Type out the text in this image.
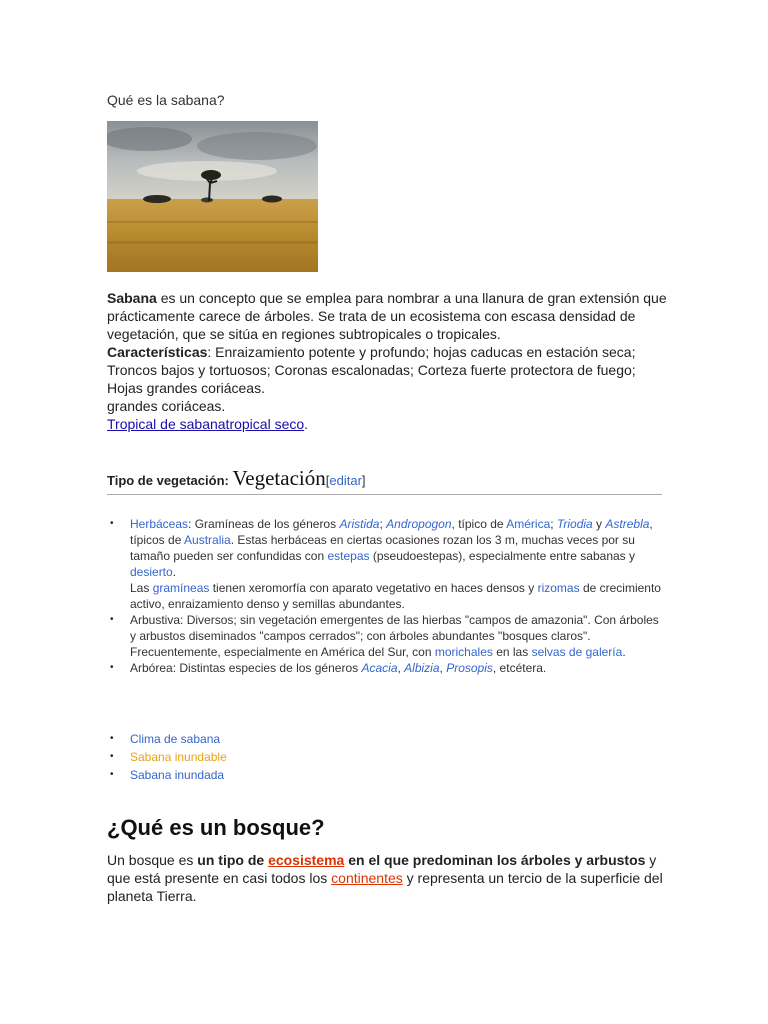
Qué es la sabana?

Sabana es un concepto que se emplea para nombrar a una llanura de gran extensión que prácticamente carece de árboles. Se trata de un ecosistema con escasa densidad de vegetación, que se sitúa en regiones subtropicales o tropicales.

Características: Enraizamiento potente y profundo; hojas caducas en estación seca; Troncos bajos y tortuosos; Coronas escalonadas; Corteza fuerte protectora de fuego; Hojas grandes coriáceas.

grandes coriáceas.

Tropical de sabanatropical seco.

Tipo de vegetación: Vegetación[editar]
• Herbáceas: Gramíneas de los géneros Aristida; Andropogon, típico de América; Triodia y Astrebla, típicos de Australia. Estas herbáceas en ciertas ocasiones rozan los 3 m, muchas veces por su tamaño pueden ser confundidas con estepas (pseudoestepas), especialmente entre sabanas y desierto.
Las gramíneas tienen xeromorfía con aparato vegetativo en haces densos y rizomas de crecimiento activo, enraizamiento denso y semillas abundantes.
• Arbustiva: Diversos; sin vegetación emergentes de las hierbas "campos de amazonia". Con árboles y arbustos diseminados "campos cerrados"; con árboles abundantes "bosques claros". Frecuentemente, especialmente en América del Sur, con morichales en las selvas de galería.
• Arbórea: Distintas especies de los géneros Acacia, Albizia, Prosopis, etcétera.
• Clima de sabana
• Sabana inundable
• Sabana inundada
¿Qué es un bosque?
Un bosque es un tipo de ecosistema en el que predominan los árboles y arbustos y que está presente en casi todos los continentes y representa un tercio de la superficie del planeta Tierra.
